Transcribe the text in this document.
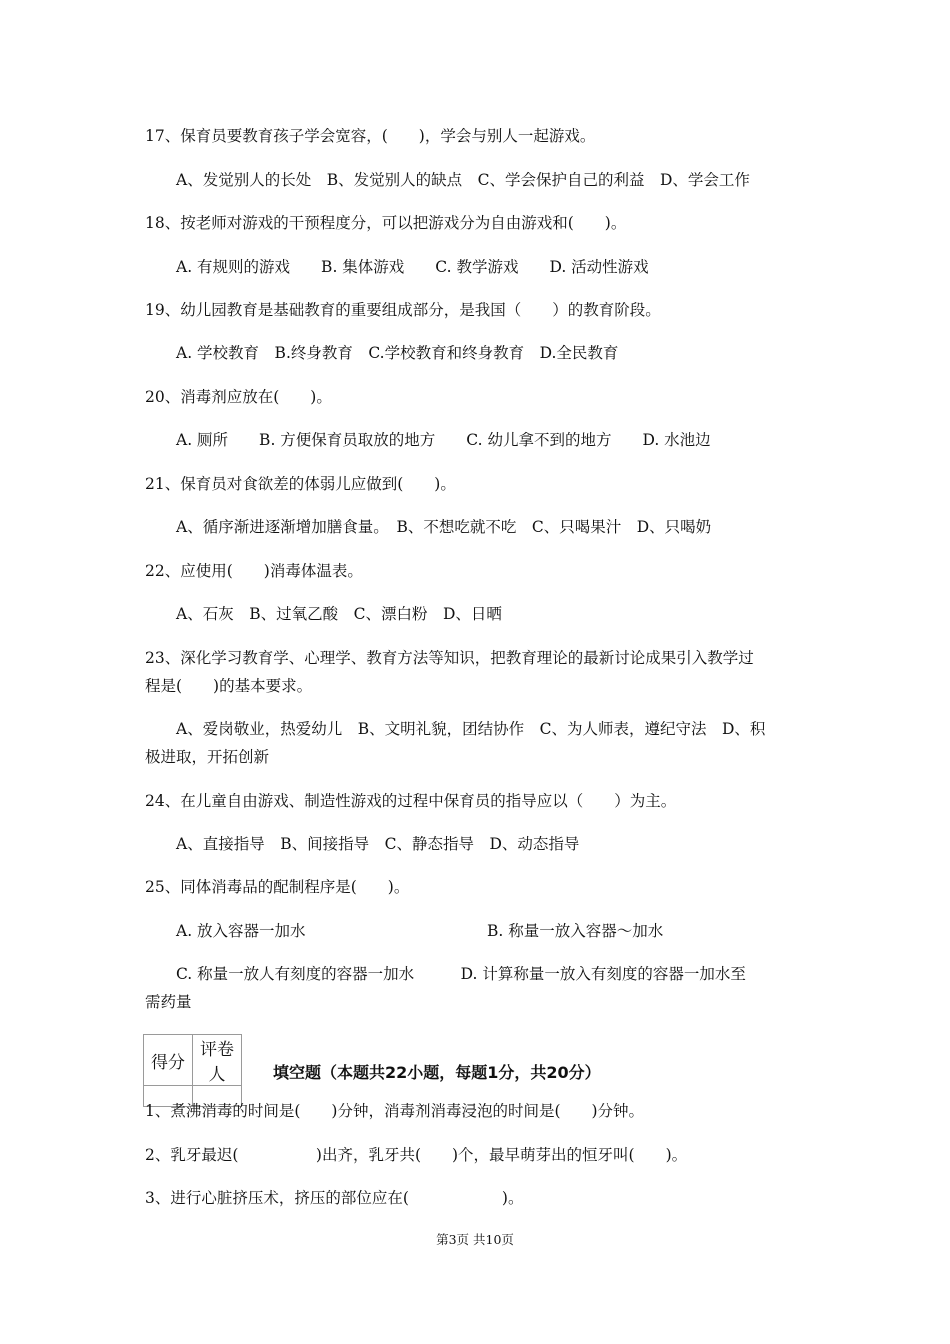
17、保育员要教育孩子学会宽容，(　　)，学会与别人一起游戏。
A、发觉别人的长处　B、发觉别人的缺点　C、学会保护自己的利益　D、学会工作
18、按老师对游戏的干预程度分，可以把游戏分为自由游戏和(　　)。
A. 有规则的游戏　　B. 集体游戏　　C. 教学游戏　　D. 活动性游戏
19、幼儿园教育是基础教育的重要组成部分，是我国（　　）的教育阶段。
A. 学校教育　B.终身教育　C.学校教育和终身教育　D.全民教育
20、消毒剂应放在(　　)。
A. 厕所　　B. 方便保育员取放的地方　　C. 幼儿拿不到的地方　　D. 水池边
21、保育员对食欲差的体弱儿应做到(　　)。
A、循序渐进逐渐增加膳食量。　B、不想吃就不吃　C、只喝果汁　D、只喝奶
22、应使用(　　)消毒体温表。
A、石灰　B、过氧乙酸　C、漂白粉　D、日晒
23、深化学习教育学、心理学、教育方法等知识，把教育理论的最新讨论成果引入教学过
程是(　　)的基本要求。
A、爱岗敬业，热爱幼儿　B、文明礼貌，团结协作　C、为人师表，遵纪守法　D、积
极进取，开拓创新
24、在儿童自由游戏、制造性游戏的过程中保育员的指导应以（　　）为主。
A、直接指导　B、间接指导　C、静态指导　D、动态指导
25、同体消毒品的配制程序是(　　)。
A. 放入容器一加水	B. 称量一放入容器～加水
C. 称量一放人有刻度的容器一加水　　　D. 计算称量一放入有刻度的容器一加水至
需药量
得分	评卷人
		填空题（本题共22小题，每题1分，共20分）
1、煮沸消毒的时间是(　　)分钟，消毒剂消毒浸泡的时间是(　　)分钟。
2、乳牙最迟(　　　　　)出齐，乳牙共(　　)个，最早萌芽出的恒牙叫(　　)。
3、进行心脏挤压术，挤压的部位应在(　　　　　　)。
第3页 共10页
